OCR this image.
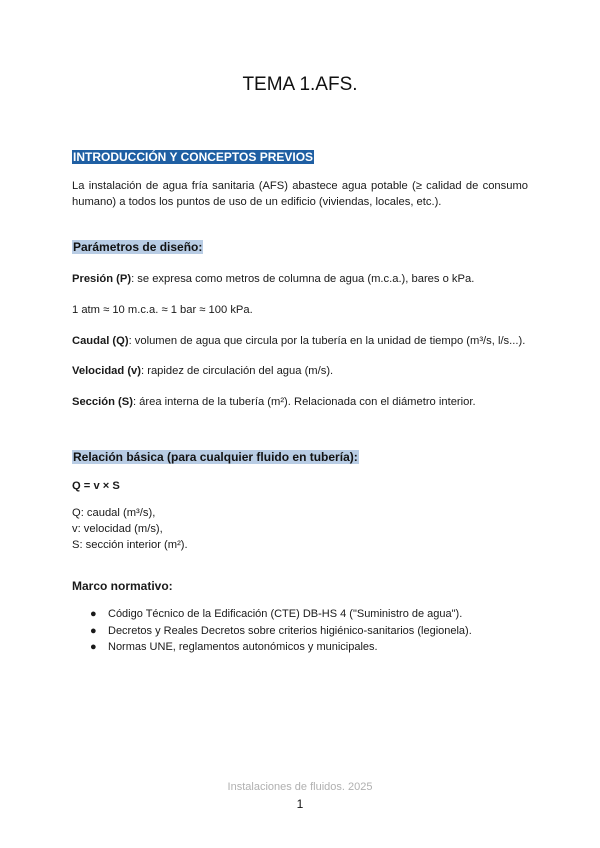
TEMA 1.AFS.
INTRODUCCIÓN Y CONCEPTOS PREVIOS
La instalación de agua fría sanitaria (AFS) abastece agua potable (≥ calidad de consumo humano) a todos los puntos de uso de un edificio (viviendas, locales, etc.).
Parámetros de diseño:
Presión (P): se expresa como metros de columna de agua (m.c.a.), bares o kPa.
1 atm ≈ 10 m.c.a. ≈ 1 bar ≈ 100 kPa.
Caudal (Q): volumen de agua que circula por la tubería en la unidad de tiempo (m³/s, l/s...).
Velocidad (v): rapidez de circulación del agua (m/s).
Sección (S): área interna de la tubería (m²). Relacionada con el diámetro interior.
Relación básica (para cualquier fluido en tubería):
Q = v × S
Q: caudal (m³/s),
v: velocidad (m/s),
S: sección interior (m²).
Marco normativo:
● Código Técnico de la Edificación (CTE) DB-HS 4 ("Suministro de agua").
● Decretos y Reales Decretos sobre criterios higiénico-sanitarios (legionela).
● Normas UNE, reglamentos autonómicos y municipales.
Instalaciones de fluidos. 2025
1
